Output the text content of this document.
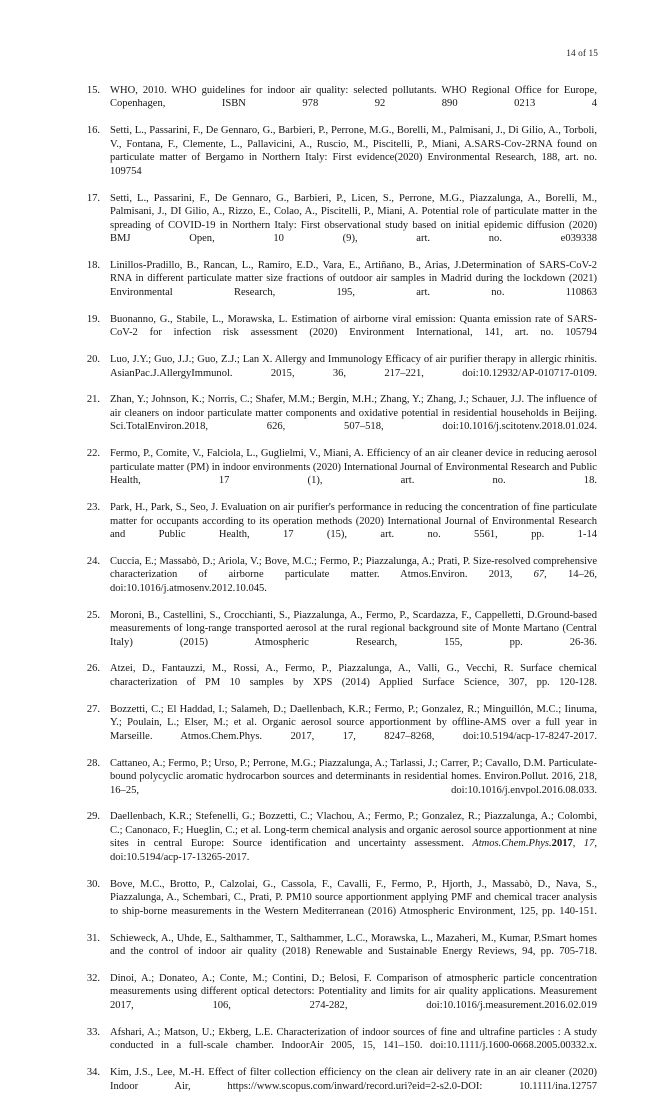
14 of 15
15. WHO, 2010. WHO guidelines for indoor air quality: selected pollutants. WHO Regional Office for Europe, Copenhagen, ISBN 978 92 890 0213 4
16. Setti, L., Passarini, F., De Gennaro, G., Barbieri, P., Perrone, M.G., Borelli, M., Palmisani, J., Di Gilio, A., Torboli, V., Fontana, F., Clemente, L., Pallavicini, A., Ruscio, M., Piscitelli, P., Miani, A.SARS-Cov-2RNA found on particulate matter of Bergamo in Northern Italy: First evidence(2020) Environmental Research, 188, art. no. 109754
17. Setti, L., Passarini, F., De Gennaro, G., Barbieri, P., Licen, S., Perrone, M.G., Piazzalunga, A., Borelli, M., Palmisani, J., DI Gilio, A., Rizzo, E., Colao, A., Piscitelli, P., Miani, A. Potential role of particulate matter in the spreading of COVID-19 in Northern Italy: First observational study based on initial epidemic diffusion (2020) BMJ Open, 10 (9), art. no. e039338
18. Linillos-Pradillo, B., Rancan, L., Ramiro, E.D., Vara, E., Artiñano, B., Arias, J.Determination of SARS-CoV-2 RNA in different particulate matter size fractions of outdoor air samples in Madrid during the lockdown (2021) Environmental Research, 195, art. no. 110863
19. Buonanno, G., Stabile, L., Morawska, L. Estimation of airborne viral emission: Quanta emission rate of SARS-CoV-2 for infection risk assessment (2020) Environment International, 141, art. no. 105794
20. Luo, J.Y.; Guo, J.J.; Guo, Z.J.; Lan X. Allergy and Immunology Efficacy of air purifier therapy in allergic rhinitis. AsianPac.J.AllergyImmunol. 2015, 36, 217–221, doi:10.12932/AP-010717-0109.
21. Zhan, Y.; Johnson, K.; Norris, C.; Shafer, M.M.; Bergin, M.H.; Zhang, Y.; Zhang, J.; Schauer, J.J. The influence of air cleaners on indoor particulate matter components and oxidative potential in residential households in Beijing. Sci.TotalEnviron.2018, 626, 507–518, doi:10.1016/j.scitotenv.2018.01.024.
22. Fermo, P., Comite, V., Falciola, L., Guglielmi, V., Miani, A. Efficiency of an air cleaner device in reducing aerosol particulate matter (PM) in indoor environments (2020) International Journal of Environmental Research and Public Health, 17 (1), art. no. 18.
23. Park, H., Park, S., Seo, J. Evaluation on air purifier's performance in reducing the concentration of fine particulate matter for occupants according to its operation methods (2020) International Journal of Environmental Research and Public Health, 17 (15), art. no. 5561, pp. 1-14
24. Cuccia, E.; Massabò, D.; Ariola, V.; Bove, M.C.; Fermo, P.; Piazzalunga, A.; Prati, P. Size-resolved comprehensive characterization of airborne particulate matter. Atmos.Environ. 2013, 67, 14–26, doi:10.1016/j.atmosenv.2012.10.045.
25. Moroni, B., Castellini, S., Crocchianti, S., Piazzalunga, A., Fermo, P., Scardazza, F., Cappelletti, D.Ground-based measurements of long-range transported aerosol at the rural regional background site of Monte Martano (Central Italy) (2015) Atmospheric Research, 155, pp. 26-36.
26. Atzei, D., Fantauzzi, M., Rossi, A., Fermo, P., Piazzalunga, A., Valli, G., Vecchi, R. Surface chemical characterization of PM 10 samples by XPS (2014) Applied Surface Science, 307, pp. 120-128.
27. Bozzetti, C.; El Haddad, I.; Salameh, D.; Daellenbach, K.R.; Fermo, P.; Gonzalez, R.; Minguillón, M.C.; Iinuma, Y.; Poulain, L.; Elser, M.; et al. Organic aerosol source apportionment by offline-AMS over a full year in Marseille. Atmos.Chem.Phys. 2017, 17, 8247–8268, doi:10.5194/acp-17-8247-2017.
28. Cattaneo, A.; Fermo, P.; Urso, P.; Perrone, M.G.; Piazzalunga, A.; Tarlassi, J.; Carrer, P.; Cavallo, D.M. Particulate-bound polycyclic aromatic hydrocarbon sources and determinants in residential homes. Environ.Pollut. 2016, 218, 16–25, doi:10.1016/j.envpol.2016.08.033.
29. Daellenbach, K.R.; Stefenelli, G.; Bozzetti, C.; Vlachou, A.; Fermo, P.; Gonzalez, R.; Piazzalunga, A.; Colombi, C.; Canonaco, F.; Hueglin, C.; et al. Long-term chemical analysis and organic aerosol source apportionment at nine sites in central Europe: Source identification and uncertainty assessment. Atmos.Chem.Phys.2017, 17, doi:10.5194/acp-17-13265-2017.
30. Bove, M.C., Brotto, P., Calzolai, G., Cassola, F., Cavalli, F., Fermo, P., Hjorth, J., Massabò, D., Nava, S., Piazzalunga, A., Schembari, C., Prati, P. PM10 source apportionment applying PMF and chemical tracer analysis to ship-borne measurements in the Western Mediterranean (2016) Atmospheric Environment, 125, pp. 140-151.
31. Schieweck, A., Uhde, E., Salthammer, T., Salthammer, L.C., Morawska, L., Mazaheri, M., Kumar, P.Smart homes and the control of indoor air quality (2018) Renewable and Sustainable Energy Reviews, 94, pp. 705-718.
32. Dinoi, A.; Donateo, A.; Conte, M.; Contini, D.; Belosi, F. Comparison of atmospheric particle concentration measurements using different optical detectors: Potentiality and limits for air quality applications. Measurement 2017, 106, 274-282, doi:10.1016/j.measurement.2016.02.019
33. Afshari, A.; Matson, U.; Ekberg, L.E. Characterization of indoor sources of fine and ultrafine particles : A study conducted in a full-scale chamber. IndoorAir 2005, 15, 141–150. doi:10.1111/j.1600-0668.2005.00332.x.
34. Kim, J.S., Lee, M.-H. Effect of filter collection efficiency on the clean air delivery rate in an air cleaner (2020) Indoor Air, https://www.scopus.com/inward/record.uri?eid=2-s2.0-DOI: 10.1111/ina.12757
